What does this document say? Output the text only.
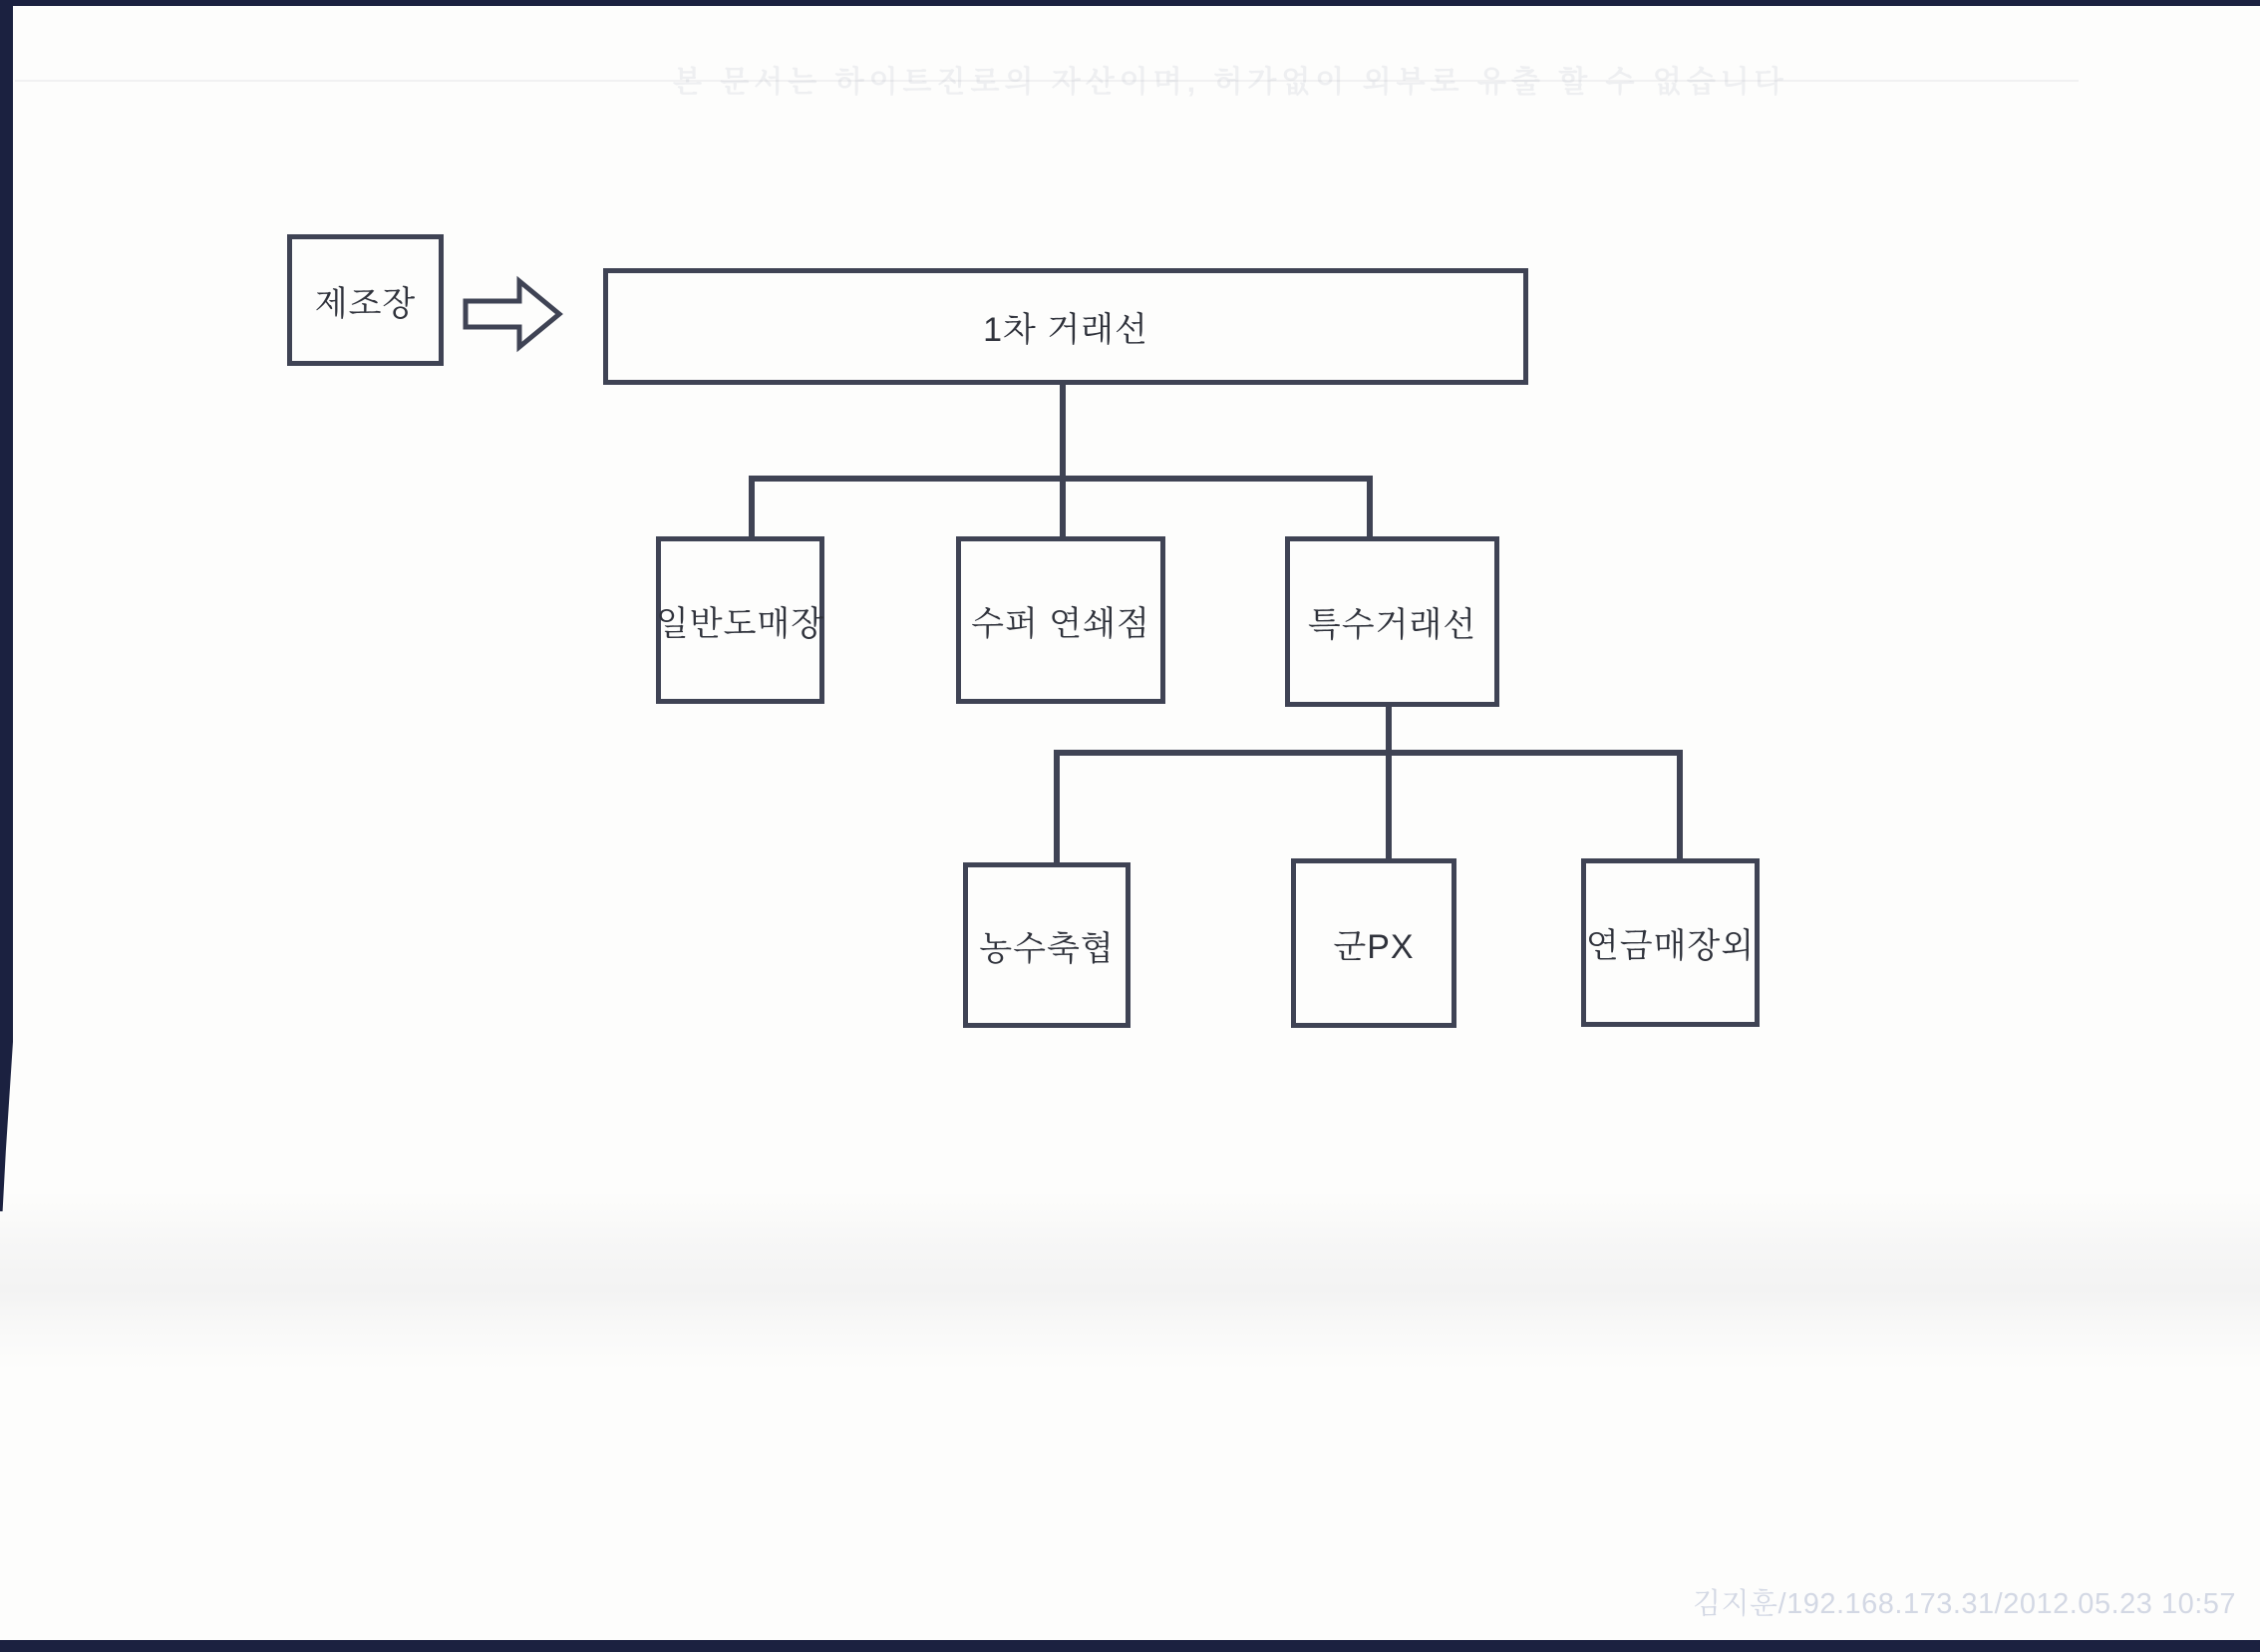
본 문서는 하이트진로의 자산이며, 허가없이 외부로 유출 할 수 없습니다
김지훈/192.168.173.31/2012.05.23 10:57
제조장
1차 거래선
일반도매장	수퍼 연쇄점	특수거래선
농수축협	군PX	연금매장외
